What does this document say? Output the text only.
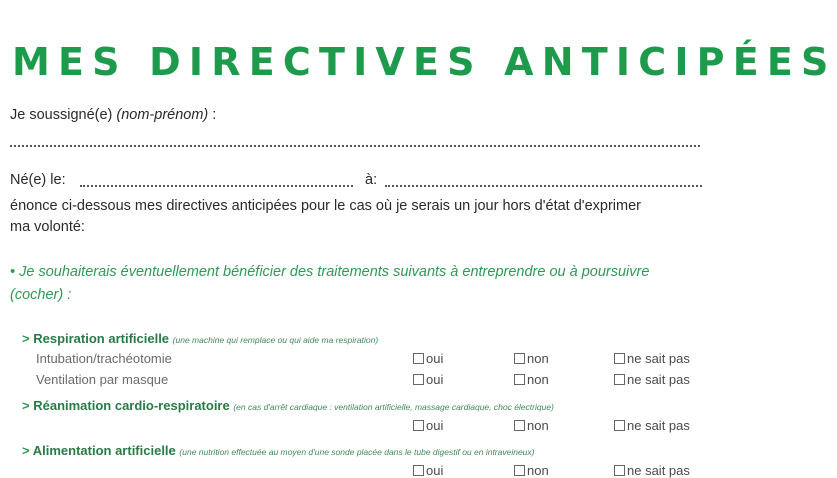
MES DIRECTIVES ANTICIPÉES
Je soussigné(e) (nom-prénom) :
Né(e) le:	à:
énonce ci-dessous mes directives anticipées pour le cas où je serais un jour hors d'état d'exprimer
ma volonté:
• Je souhaiterais éventuellement bénéficier des traitements suivants à entreprendre ou à poursuivre
(cocher) :
> Respiration artificielle (une machine qui remplace ou qui aide ma respiration)
Intubation/trachéotomie	oui	non	ne sait pas
Ventilation par masque	oui	non	ne sait pas
> Réanimation cardio-respiratoire (en cas d'arrêt cardiaque : ventilation artificielle, massage cardiaque, choc électrique)
oui	non	ne sait pas
> Alimentation artificielle (une nutrition effectuée au moyen d'une sonde placée dans le tube digestif ou en intraveineux)
oui	non	ne sait pas
